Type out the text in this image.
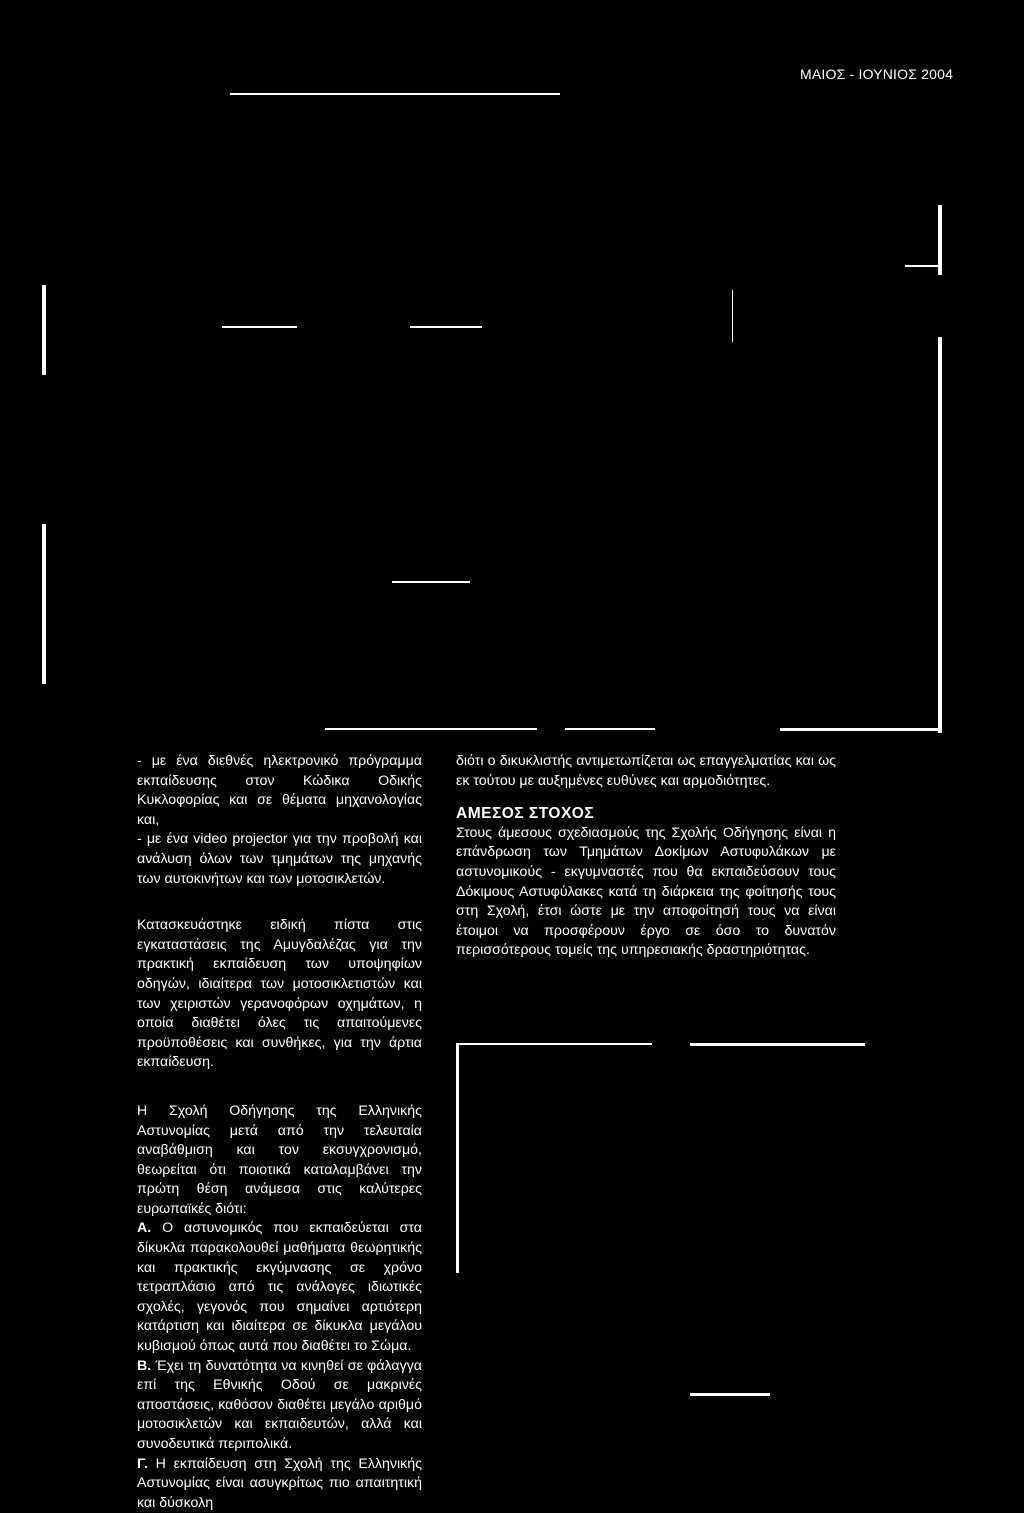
ΜΑΙΟΣ - ΙΟΥΝΙΟΣ 2004

- με ένα διεθνές ηλεκτρονικό πρόγραμμα εκπαίδευσης στον Κώδικα Οδικής Κυκλοφορίας και σε θέματα μηχανολογίας και,

- με ένα video projector για την προβολή και ανάλυση όλων των τμημάτων της μηχανής των αυτοκινήτων και των μοτοσικλετών.

Κατασκευάστηκε ειδική πίστα στις εγκαταστάσεις της Αμυγδαλέζας για την πρακτική εκπαίδευση των υποψηφίων οδηγών, ιδιαίτερα των μοτοσικλετιστών και των χειριστών γερανοφόρων οχημάτων, η οποία διαθέτει όλες τις απαιτούμενες προϋποθέσεις και συνθήκες, για την άρτια εκπαίδευση.

Η Σχολή Οδήγησης της Ελληνικής Αστυνομίας μετά από την τελευταία αναβάθμιση και τον εκσυγχρονισμό, θεωρείται ότι ποιοτικά καταλαμβάνει την πρώτη θέση ανάμεσα στις καλύτερες ευρωπαϊκές διότι:

Α. Ο αστυνομικός που εκπαιδεύεται στα δίκυκλα παρακολουθεί μαθήματα θεωρητικής και πρακτικής εκγύμνασης σε χρόνο τετραπλάσιο από τις ανάλογες ιδιωτικές σχολές, γεγονός που σημαίνει αρτιότερη κατάρτιση και ιδιαίτερα σε δίκυκλα μεγάλου κυβισμού όπως αυτά που διαθέτει το Σώμα.

Β. Έχει τη δυνατότητα να κινηθεί σε φάλαγγα επί της Εθνικής Οδού σε μακρινές αποστάσεις, καθόσον διαθέτει μεγάλο αριθμό μοτοσικλετών και εκπαιδευτών, αλλά και συνοδευτικά περιπολικά.

Γ. Η εκπαίδευση στη Σχολή της Ελληνικής Αστυνομίας είναι ασυγκρίτως πιο απαιτητική και δύσκολη

διότι ο δικυκλιστής αντιμετωπίζεται ως επαγγελματίας και ως εκ τούτου με αυξημένες ευθύνες και αρμοδιότητες.

ΑΜΕΣΟΣ ΣΤΟΧΟΣ

Στους άμεσους σχεδιασμούς της Σχολής Οδήγησης είναι η επάνδρωση των Τμημάτων Δοκίμων Αστυφυλάκων με αστυνομικούς - εκγυμναστές που θα εκπαιδεύσουν τους Δόκιμους Αστυφύλακες κατά τη διάρκεια της φοίτησής τους στη Σχολή, έτσι ώστε με την αποφοίτησή τους να είναι έτοιμοι να προσφέρουν έργο σε όσο το δυνατόν περισσότερους τομείς της υπηρεσιακής δραστηριότητας.
